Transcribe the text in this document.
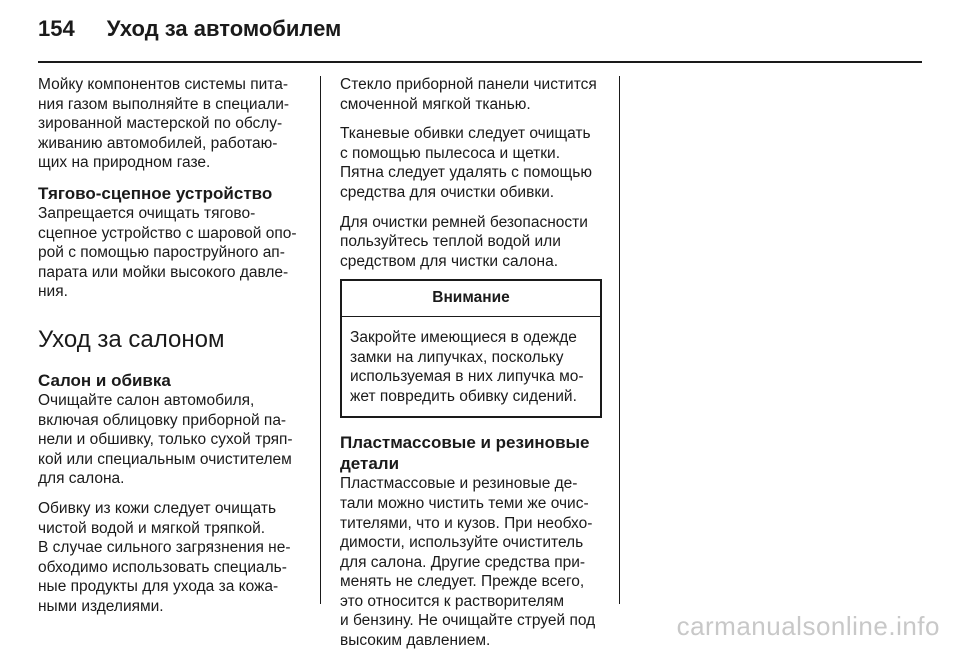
154 Уход за автомобилем

Мойку компонентов системы пита-
ния газом выполняйте в специали-
зированной мастерской по обслу-
живанию автомобилей, работаю-
щих на природном газе.

Тягово-сцепное устройство

Запрещается очищать тягово-
сцепное устройство с шаровой опо-
рой с помощью пароструйного ап-
парата или мойки высокого давле-
ния.

Уход за салоном
Салон и обивка

Очищайте салон автомобиля,
включая облицовку приборной па-
нели и обшивку, только сухой тряп-
кой или специальным очистителем
для салона.

Обивку из кожи следует очищать
чистой водой и мягкой тряпкой.
В случае сильного загрязнения не-
обходимо использовать специаль-
ные продукты для ухода за кожа-
ными изделиями.

Стекло приборной панели чистится
смоченной мягкой тканью.

Тканевые обивки следует очищать
с помощью пылесоса и щетки.
Пятна следует удалять с помощью
средства для очистки обивки.

Для очистки ремней безопасности
пользуйтесь теплой водой или
средством для чистки салона.

Внимание
Закройте имеющиеся в одежде
замки на липучках, поскольку
используемая в них липучка мо-
жет повредить обивку сидений.
Пластмассовые и резиновые
детали

Пластмассовые и резиновые де-
тали можно чистить теми же очис-
тителями, что и кузов. При необхо-
димости, используйте очиститель
для салона. Другие средства при-
менять не следует. Прежде всего,
это относится к растворителям
и бензину. Не очищайте струей под
высоким давлением.	carmanualsonline.info
